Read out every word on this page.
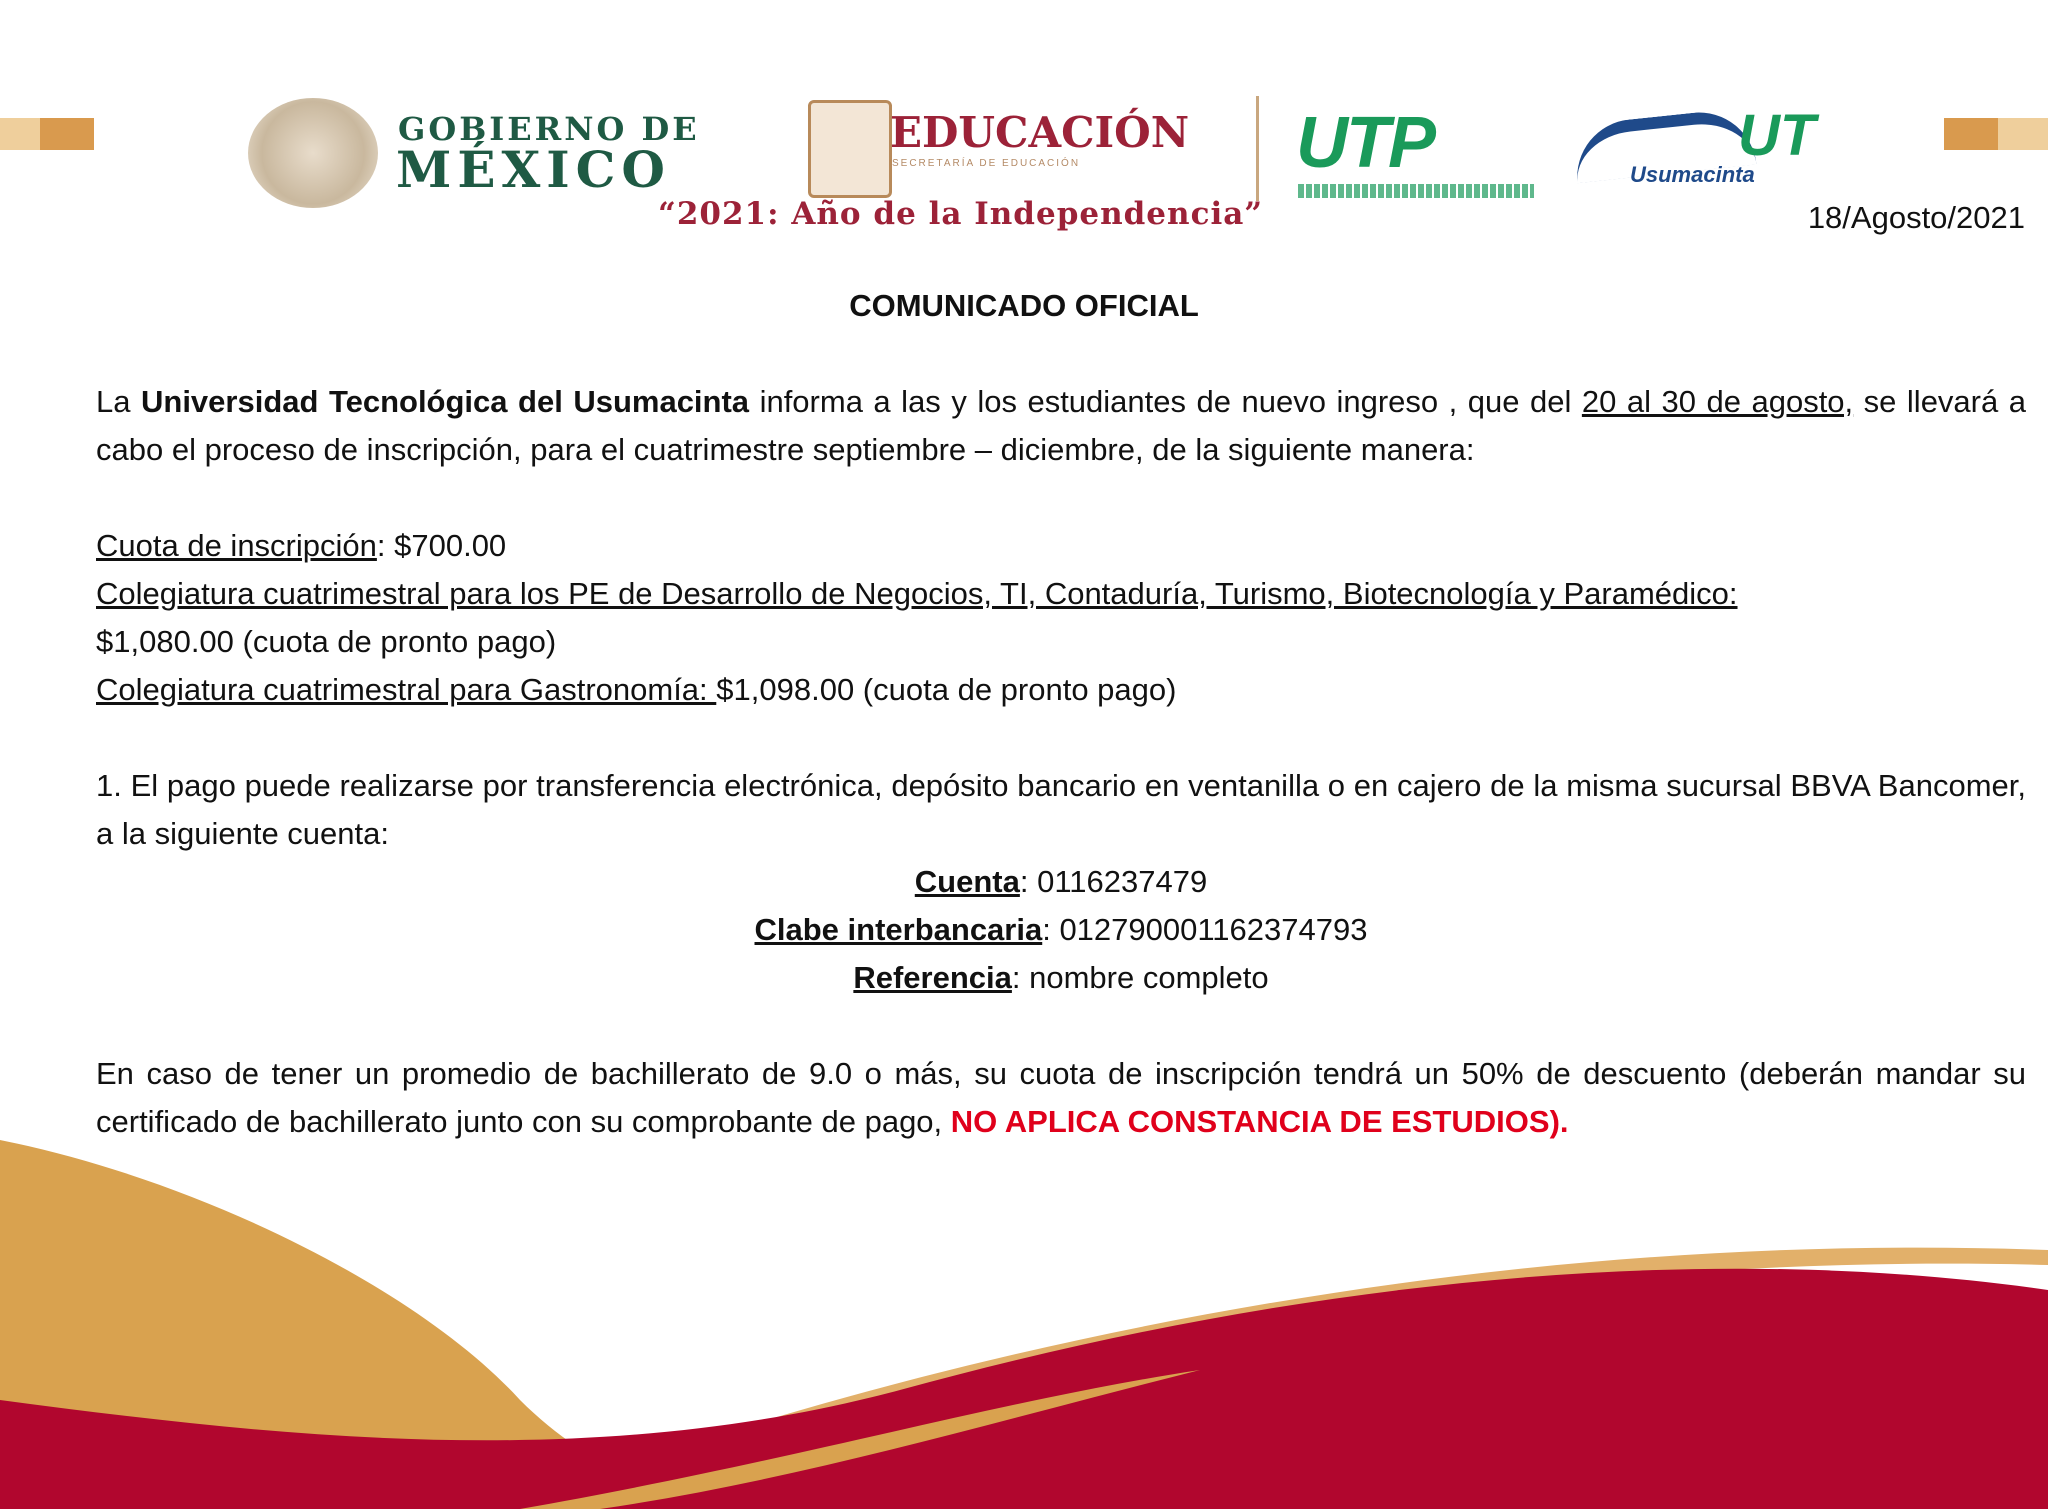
GOBIERNO DE
MÉXICO
EDUCACIÓN
SECRETARÍA DE EDUCACIÓN	UTP	UT
Usumacinta
“2021: Año de la Independencia”	18/Agosto/2021
COMUNICADO OFICIAL

La Universidad Tecnológica del Usumacinta informa a las y los estudiantes de nuevo ingreso , que del 20 al 30 de agosto, se llevará a cabo el proceso de inscripción, para el cuatrimestre septiembre – diciembre, de la siguiente manera:

Cuota de inscripción: $700.00

Colegiatura cuatrimestral para los PE de Desarrollo de Negocios, TI, Contaduría, Turismo, Biotecnología y Paramédico:
$1,080.00 (cuota de pronto pago)

Colegiatura cuatrimestral para Gastronomía: $1,098.00 (cuota de pronto pago)

1. El pago puede realizarse por transferencia electrónica, depósito bancario en ventanilla o en cajero de la misma sucursal BBVA Bancomer, a la siguiente cuenta:

Cuenta: 0116237479

Clabe interbancaria: 012790001162374793

Referencia: nombre completo

En caso de tener un promedio de bachillerato de 9.0 o más, su cuota de inscripción tendrá un 50% de descuento (deberán mandar su certificado de bachillerato junto con su comprobante de pago, NO APLICA CONSTANCIA DE ESTUDIOS).
